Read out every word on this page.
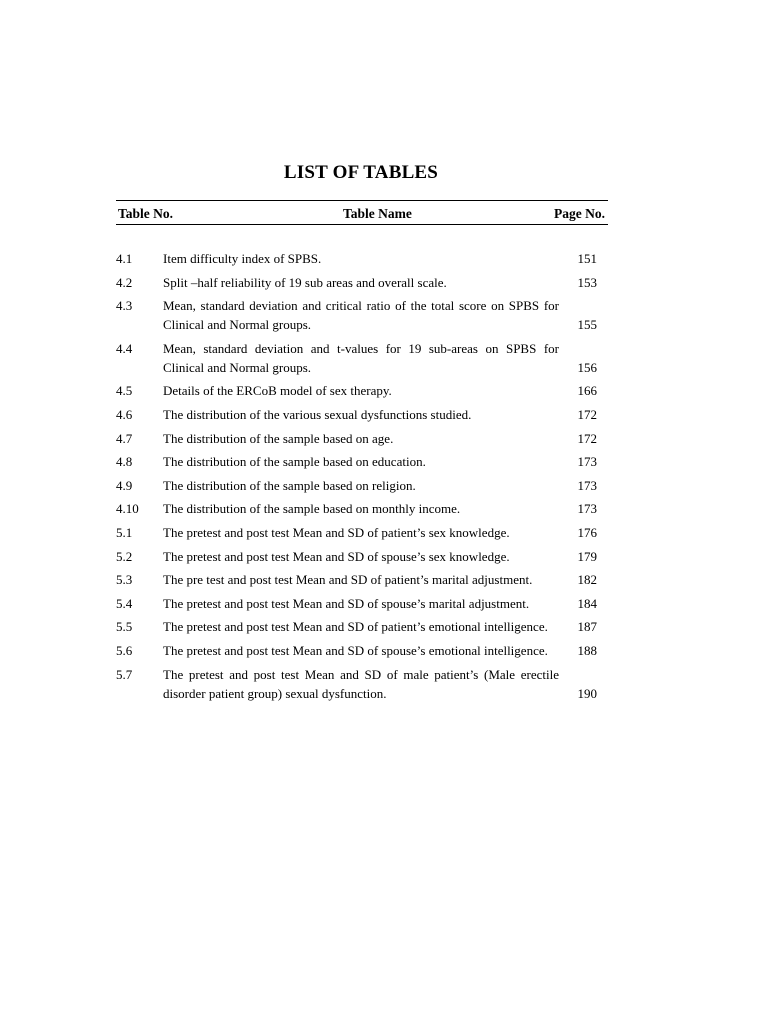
LIST OF TABLES
Table No.	Table Name	Page No.
4.1	Item difficulty index of SPBS.	151
4.2	Split –half reliability of 19 sub areas and overall scale.	153
4.3	Mean, standard deviation and critical ratio of the total score on SPBS for Clinical and Normal groups.	155
4.4	Mean, standard deviation and t-values for 19 sub-areas on SPBS for Clinical and Normal groups.	156
4.5	Details of the ERCoB model of sex therapy.	166
4.6	The distribution of the various sexual dysfunctions studied.	172
4.7	The distribution of the sample based on age.	172
4.8	The distribution of the sample based on education.	173
4.9	The distribution of the sample based on religion.	173
4.10	The distribution of the sample based on monthly income.	173
5.1	The pretest and post test Mean and SD of patient’s sex knowledge.	176
5.2	The pretest and post test Mean and SD of spouse’s sex knowledge.	179
5.3	The pre test and post test Mean and SD of patient’s marital adjustment.	182
5.4	The pretest and post test Mean and SD of spouse’s marital adjustment.	184
5.5	The pretest and post test Mean and SD of patient’s emotional intelligence.	187
5.6	The pretest and post test Mean and SD of spouse’s emotional intelligence.	188
5.7	The pretest and post test Mean and SD of male patient’s (Male erectile disorder patient group) sexual dysfunction.	190
